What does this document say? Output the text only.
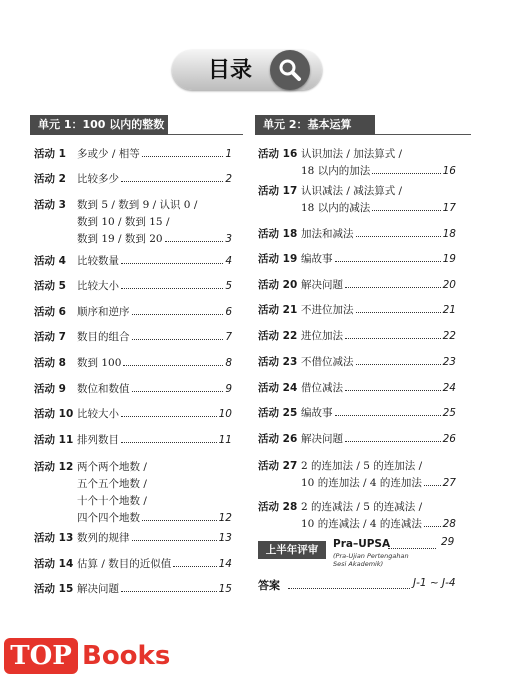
目录
单元 1：100 以内的整数	单元 2：基本运算
活动 1 多或少 / 相等	1
活动 2 比较多少	2
活动 3 数到 5 / 数到 9 / 认识 0 /
数到 10 / 数到 15 /
数到 19 / 数到 20	3
活动 4 比较数量	4
活动 5 比较大小	5
活动 6 顺序和逆序	6
活动 7 数目的组合	7
活动 8 数到 100	8
活动 9 数位和数值	9
活动 10 比较大小	10
活动 11 排列数目	11
活动 12 两个两个地数 /
五个五个地数 /
十个十个地数 /
四个四个地数	12
活动 13 数列的规律	13
活动 14 估算 / 数目的近似值	14
活动 15 解决问题	15
活动 16 认识加法 / 加法算式 /
18 以内的加法	16
活动 17 认识减法 / 减法算式 /
18 以内的减法	17
活动 18 加法和减法	18
活动 19 编故事	19
活动 20 解决问题	20
活动 21 不进位加法	21
活动 22 进位加法	22
活动 23 不借位减法	23
活动 24 借位减法	24
活动 25 编故事	25
活动 26 解决问题	26
活动 27 2 的连加法 / 5 的连加法 /
10 的连加法 / 4 的连加法 27
活动 28 2 的连减法 / 5 的连减法 /
10 的连减法 / 4 的连减法 28
上半年评审	Pra–UPSA	29
(Pra-Ujian Pertengahan
Sesi Akademik)
答案	J-1 ~ J-4
TOP Books
